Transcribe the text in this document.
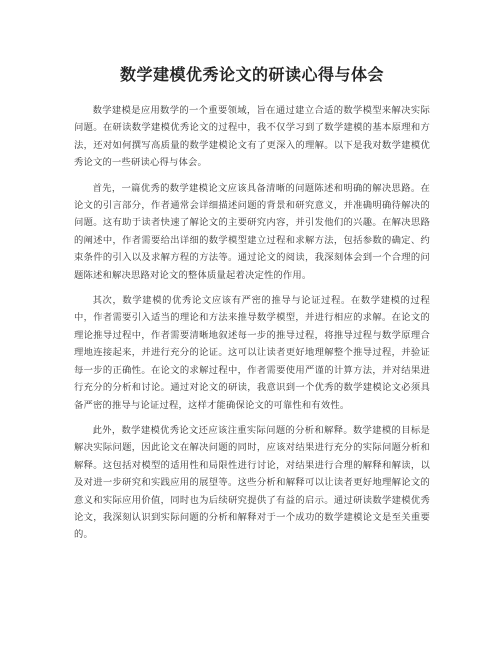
数学建模优秀论文的研读心得与体会

数学建模是应用数学的一个重要领域，旨在通过建立合适的数学模型来解决实际问题。在研读数学建模优秀论文的过程中，我不仅学习到了数学建模的基本原理和方法，还对如何撰写高质量的数学建模论文有了更深入的理解。以下是我对数学建模优秀论文的一些研读心得与体会。

首先，一篇优秀的数学建模论文应该具备清晰的问题陈述和明确的解决思路。在论文的引言部分，作者通常会详细描述问题的背景和研究意义，并准确明确待解决的问题。这有助于读者快速了解论文的主要研究内容，并引发他们的兴趣。在解决思路的阐述中，作者需要给出详细的数学模型建立过程和求解方法，包括参数的确定、约束条件的引入以及求解方程的方法等。通过论文的阅读，我深刻体会到一个合理的问题陈述和解决思路对论文的整体质量起着决定性的作用。

其次，数学建模的优秀论文应该有严密的推导与论证过程。在数学建模的过程中，作者需要引入适当的理论和方法来推导数学模型，并进行相应的求解。在论文的理论推导过程中，作者需要清晰地叙述每一步的推导过程，将推导过程与数学原理合理地连接起来，并进行充分的论证。这可以让读者更好地理解整个推导过程，并验证每一步的正确性。在论文的求解过程中，作者需要使用严谨的计算方法，并对结果进行充分的分析和讨论。通过对论文的研读，我意识到一个优秀的数学建模论文必须具备严密的推导与论证过程，这样才能确保论文的可靠性和有效性。

此外，数学建模优秀论文还应该注重实际问题的分析和解释。数学建模的目标是解决实际问题，因此论文在解决问题的同时，应该对结果进行充分的实际问题分析和解释。这包括对模型的适用性和局限性进行讨论，对结果进行合理的解释和解读，以及对进一步研究和实践应用的展望等。这些分析和解释可以让读者更好地理解论文的意义和实际应用价值，同时也为后续研究提供了有益的启示。通过研读数学建模优秀论文，我深刻认识到实际问题的分析和解释对于一个成功的数学建模论文是至关重要的。
